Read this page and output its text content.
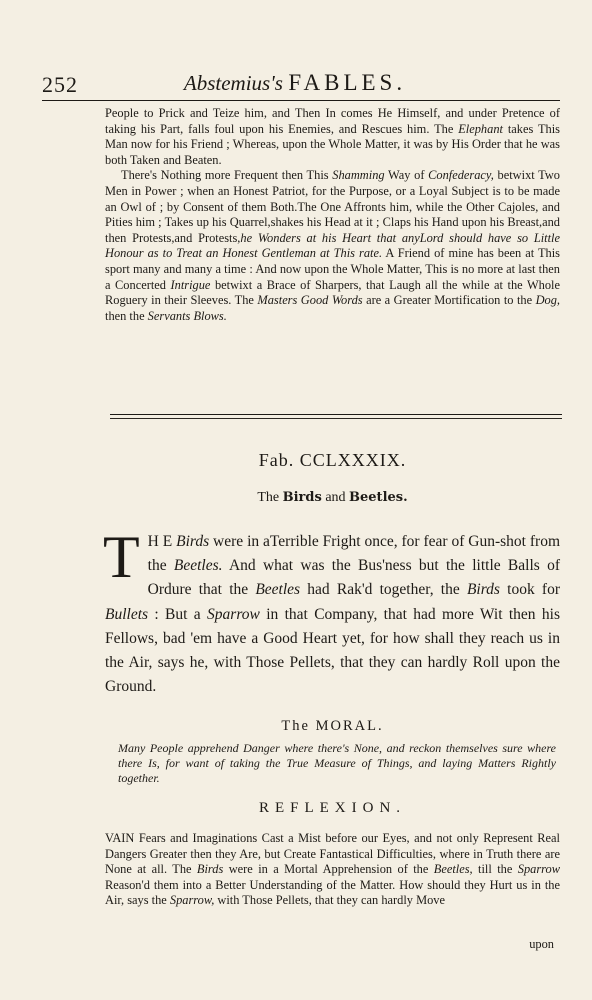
252	Abstemius's FABLES.

People to Prick and Teize him, and Then In comes He Himself, and under Pretence of taking his Part, falls foul upon his Enemies, and Rescues him. The Elephant takes This Man now for his Friend ; Whereas, upon the Whole Matter, it was by His Order that he was both Taken and Beaten.

There's Nothing more Frequent then This Shamming Way of Confederacy, betwixt Two Men in Power ; when an Honest Patriot, for the Purpose, or a Loyal Subject is to be made an Owl of ; by Consent of them Both.The One Affronts him, while the Other Cajoles, and Pities him ; Takes up his Quarrel,shakes his Head at it ; Claps his Hand upon his Breast,and then Protests,and Protests,he Wonders at his Heart that anyLord should have so Little Honour as to Treat an Honest Gentleman at This rate. A Friend of mine has been at This sport many and many a time : And now upon the Whole Matter, This is no more at last then a Concerted Intrigue betwixt a Brace of Sharpers, that Laugh all the while at the Whole Roguery in their Sleeves. The Masters Good Words are a Greater Mortification to the Dog, then the Servants Blows.

Fab. CCLXXXIX.
The Birds and Beetles.

T H E Birds were in aTerrible Fright once, for fear of Gun-shot from the Beetles. And what was the Bus'ness but the little Balls of Ordure that the Beetles had Rak'd together, the Birds took for Bullets : But a Sparrow in that Company, that had more Wit then his Fellows, bad 'em have a Good Heart yet, for how shall they reach us in the Air, says he, with Those Pellets, that they can hardly Roll upon the Ground.

The MORAL.

Many People apprehend Danger where there's None, and reckon themselves sure where there Is, for want of taking the True Measure of Things, and laying Matters Rightly together.

REFLEXION.

VAIN Fears and Imaginations Cast a Mist before our Eyes, and not only Represent Real Dangers Greater then they Are, but Create Fantastical Difficulties, where in Truth there are None at all. The Birds were in a Mortal Apprehension of the Beetles, till the Sparrow Reason'd them into a Better Understanding of the Matter. How should they Hurt us in the Air, says the Sparrow, with Those Pellets, that they can hardly Move

upon
